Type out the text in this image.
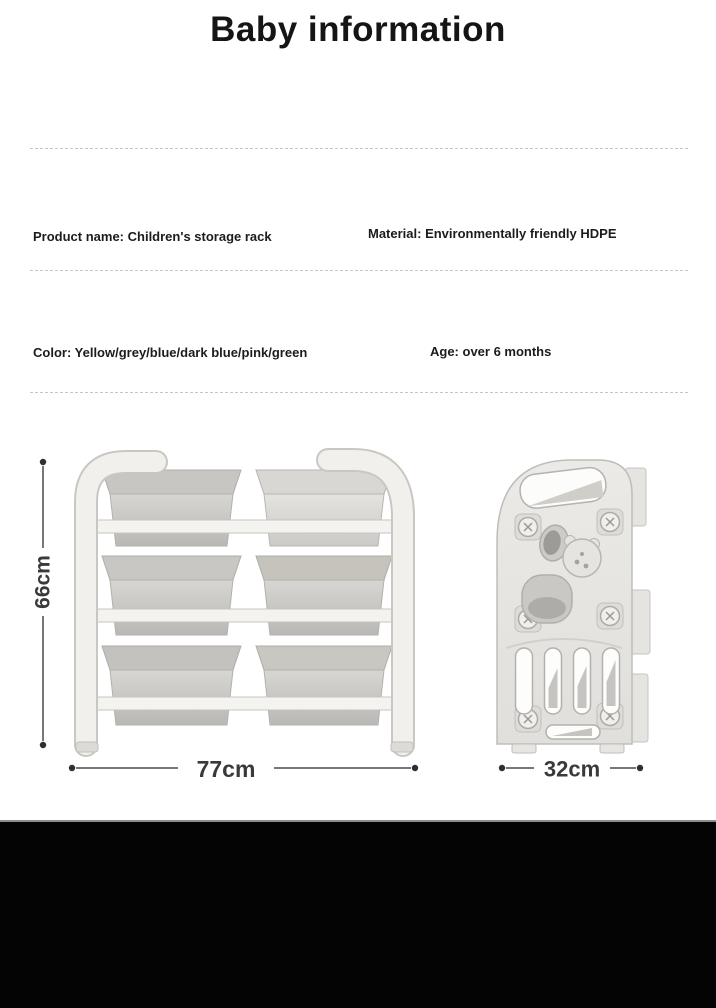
Baby information
Product name: Children's storage rack	Material: Environmentally friendly HDPE
Color: Yellow/grey/blue/dark blue/pink/green	Age: over 6 months
66cm
77cm	32cm
